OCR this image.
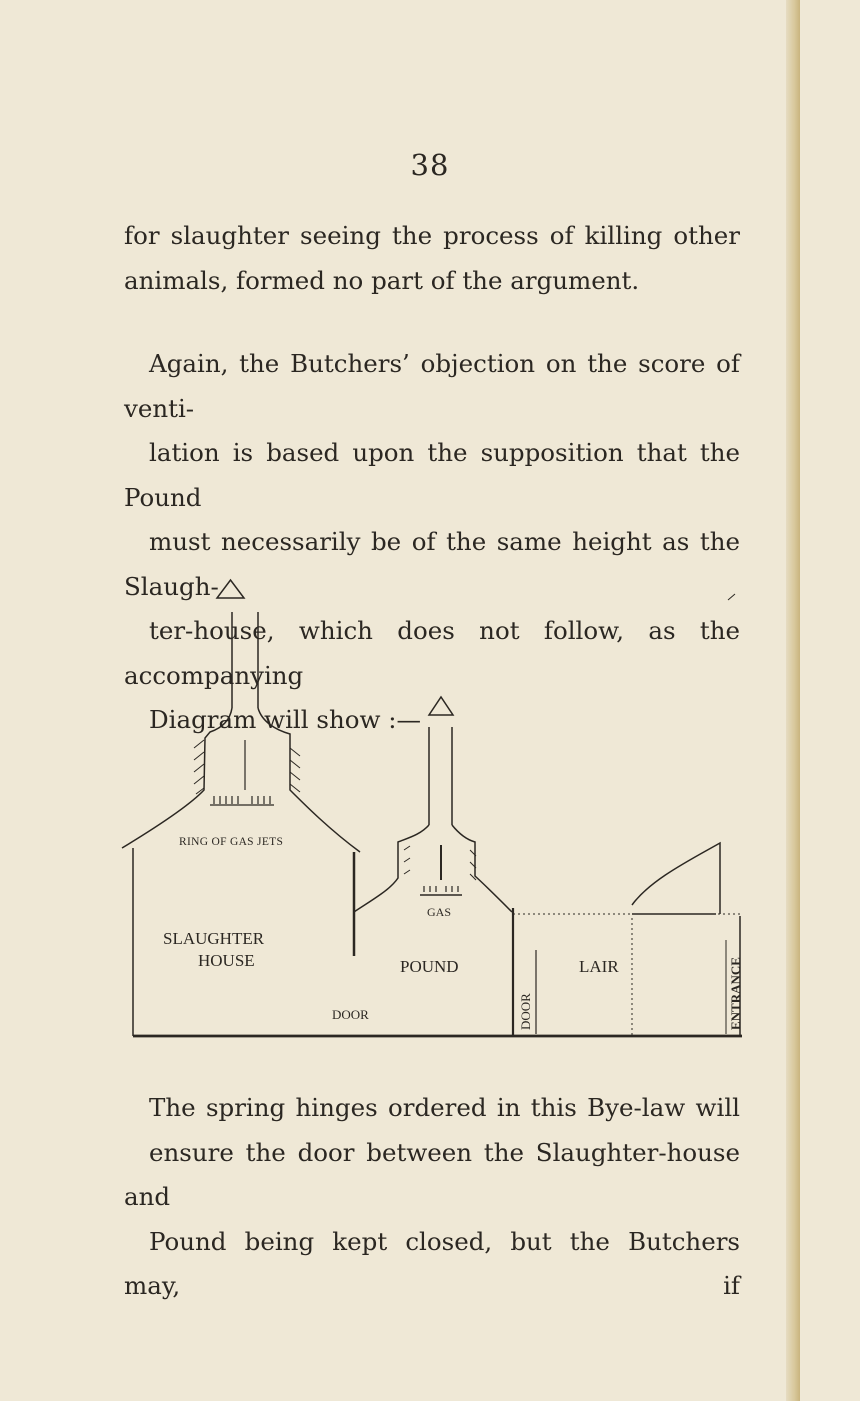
38
for slaughter seeing the process of killing other
animals, formed no part of the argument.
Again, the Butchers’ objection on the score of venti-
lation is based upon the supposition that the Pound
must necessarily be of the same height as the Slaugh-
ter-house, which does not follow, as the accompanying
Diagram will show :—
RING OF GAS JETS
SLAUGHTER
HOUSE
GAS
POUND
DOOR
LAIR
DOOR	ENTRANCE
The spring hinges ordered in this Bye-law will
ensure the door between the Slaughter-house and
Pound being kept closed, but the Butchers may, if
